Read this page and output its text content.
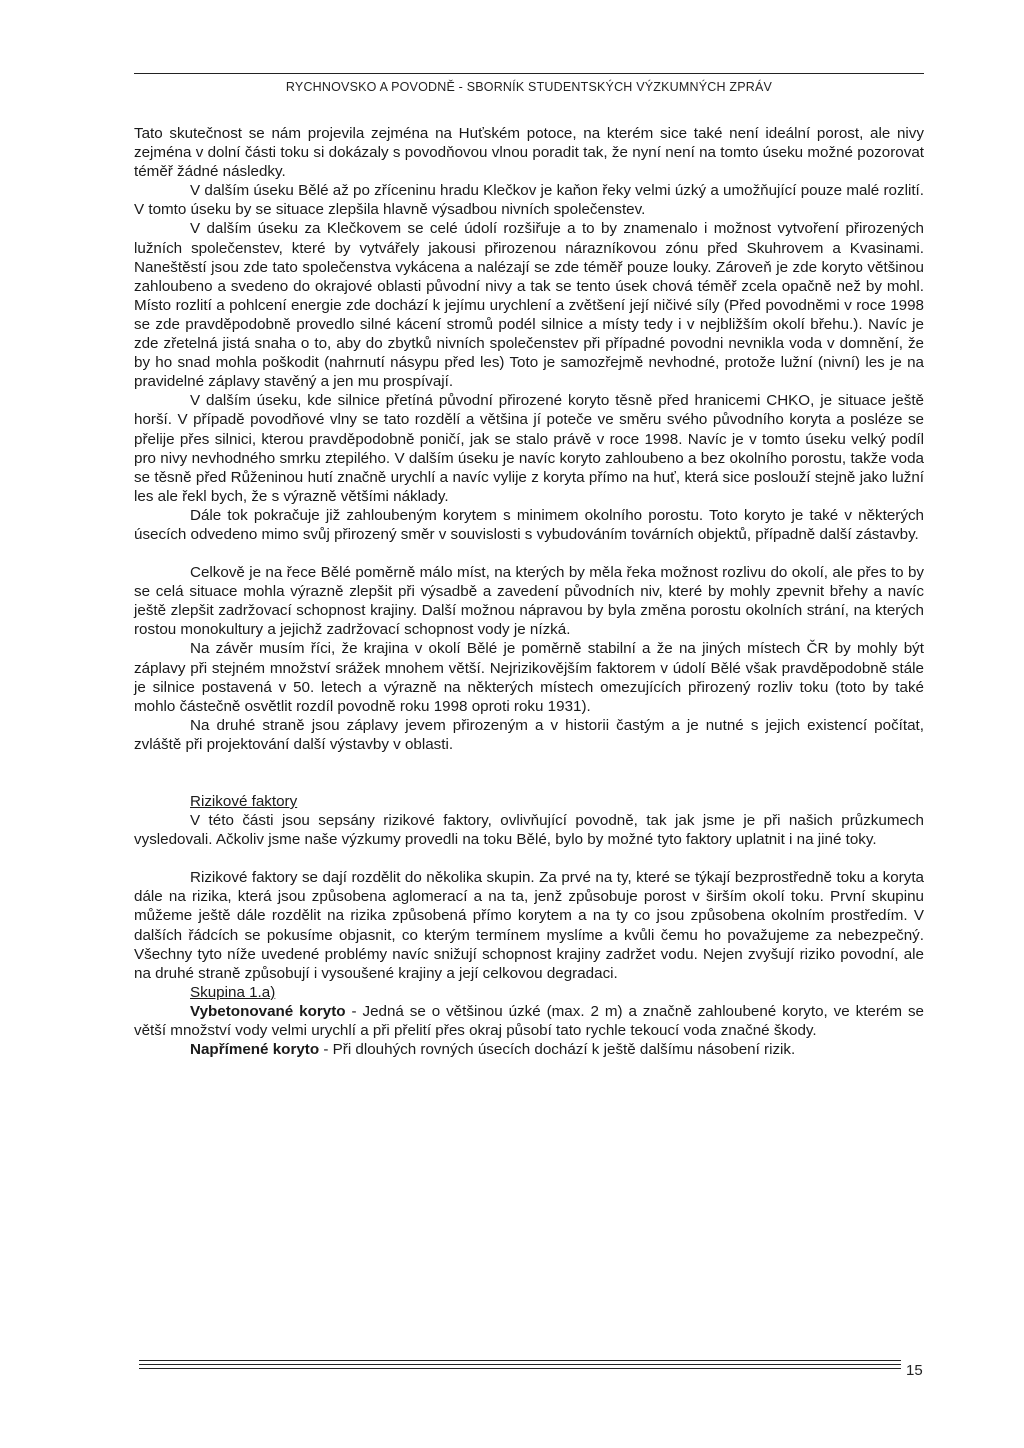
RYCHNOVSKO A POVODNĚ - SBORNÍK STUDENTSKÝCH VÝZKUMNÝCH ZPRÁV

Tato skutečnost se nám projevila zejména na Huťském potoce, na kterém sice také není ideální porost, ale nivy zejména v dolní části toku si dokázaly s povodňovou vlnou poradit tak, že nyní není na tomto úseku možné pozorovat téměř žádné následky.

V dalším úseku Bělé až po zříceninu hradu Klečkov je kaňon řeky velmi úzký a umožňující pouze malé rozlití. V tomto úseku by se situace zlepšila hlavně výsadbou nivních společenstev.

V dalším úseku za Klečkovem se celé údolí rozšiřuje a to by znamenalo i možnost vytvoření přirozených lužních společenstev, které by vytvářely jakousi přirozenou nárazníkovou zónu před Skuhrovem a Kvasinami. Naneštěstí jsou zde tato společenstva vykácena a nalézají se zde téměř pouze louky. Zároveň je zde koryto většinou zahloubeno a svedeno do okrajové oblasti původní nivy a tak se tento úsek chová téměř zcela opačně než by mohl. Místo rozlití a pohlcení energie zde dochází k jejímu urychlení a zvětšení její ničivé síly (Před povodněmi v roce 1998 se zde pravděpodobně provedlo silné kácení stromů podél silnice a místy tedy i v nejbližším okolí břehu.). Navíc je zde zřetelná jistá snaha o to, aby do zbytků nivních společenstev při případné povodni nevnikla voda v domnění, že by ho snad mohla poškodit (nahrnutí násypu před les) Toto je samozřejmě nevhodné, protože lužní (nivní) les je na pravidelné záplavy stavěný a jen mu prospívají.

V dalším úseku, kde silnice přetíná původní přirozené koryto těsně před hranicemi CHKO, je situace ještě horší. V případě povodňové vlny se tato rozdělí a většina jí poteče ve směru svého původního koryta a posléze se přelije přes silnici, kterou pravděpodobně poničí, jak se stalo právě v roce 1998. Navíc je v tomto úseku velký podíl pro nivy nevhodného smrku ztepilého. V dalším úseku je navíc koryto zahloubeno a bez okolního porostu, takže voda se těsně před Růženinou hutí značně urychlí a navíc vylije z koryta přímo na huť, která sice poslouží stejně jako lužní les ale řekl bych, že s výrazně většími náklady.

Dále tok pokračuje již zahloubeným korytem s minimem okolního porostu. Toto koryto je také v některých úsecích odvedeno mimo svůj přirozený směr v souvislosti s vybudováním továrních objektů, případně další zástavby.

Celkově je na řece Bělé poměrně málo míst, na kterých by měla řeka možnost rozlivu do okolí, ale přes to by se celá situace mohla výrazně zlepšit při výsadbě a zavedení původních niv, které by mohly zpevnit břehy a navíc ještě zlepšit zadržovací schopnost krajiny. Další možnou nápravou by byla změna porostu okolních strání, na kterých rostou monokultury a jejichž zadržovací schopnost vody je nízká.

Na závěr musím říci, že krajina v okolí Bělé je poměrně stabilní a že na jiných místech ČR by mohly být záplavy při stejném množství srážek mnohem větší. Nejrizikovějším faktorem v údolí Bělé však pravděpodobně stále je silnice postavená v 50. letech a výrazně na některých místech omezujících přirozený rozliv toku (toto by také mohlo částečně osvětlit rozdíl povodně roku 1998 oproti roku 1931).

Na druhé straně jsou záplavy jevem přirozeným a v historii častým a je nutné s jejich existencí počítat, zvláště při projektování další výstavby v oblasti.

Rizikové faktory

V této části jsou sepsány rizikové faktory, ovlivňující povodně, tak jak jsme je při našich průzkumech vysledovali. Ačkoliv jsme naše výzkumy provedli na toku Bělé, bylo by možné tyto faktory uplatnit i na jiné toky.

Rizikové faktory se dají rozdělit do několika skupin. Za prvé na ty, které se týkají bezprostředně toku a koryta dále na rizika, která jsou způsobena aglomerací a na ta, jenž způsobuje porost v širším okolí toku. První skupinu můžeme ještě dále rozdělit na rizika způsobená přímo korytem a na ty co jsou způsobena okolním prostředím. V dalších řádcích se pokusíme objasnit, co kterým termínem myslíme a kvůli čemu ho považujeme za nebezpečný. Všechny tyto níže uvedené problémy navíc snižují schopnost krajiny zadržet vodu. Nejen zvyšují riziko povodní, ale na druhé straně způsobují i vysoušené krajiny a její celkovou degradaci.

Skupina 1.a)

Vybetonované koryto - Jedná se o většinou úzké (max. 2 m) a značně zahloubené koryto, ve kterém se větší množství vody velmi urychlí a při přelití přes okraj působí tato rychle tekoucí voda značné škody.

Napřímené koryto - Při dlouhých rovných úsecích dochází k ještě dalšímu násobení rizik.

15
